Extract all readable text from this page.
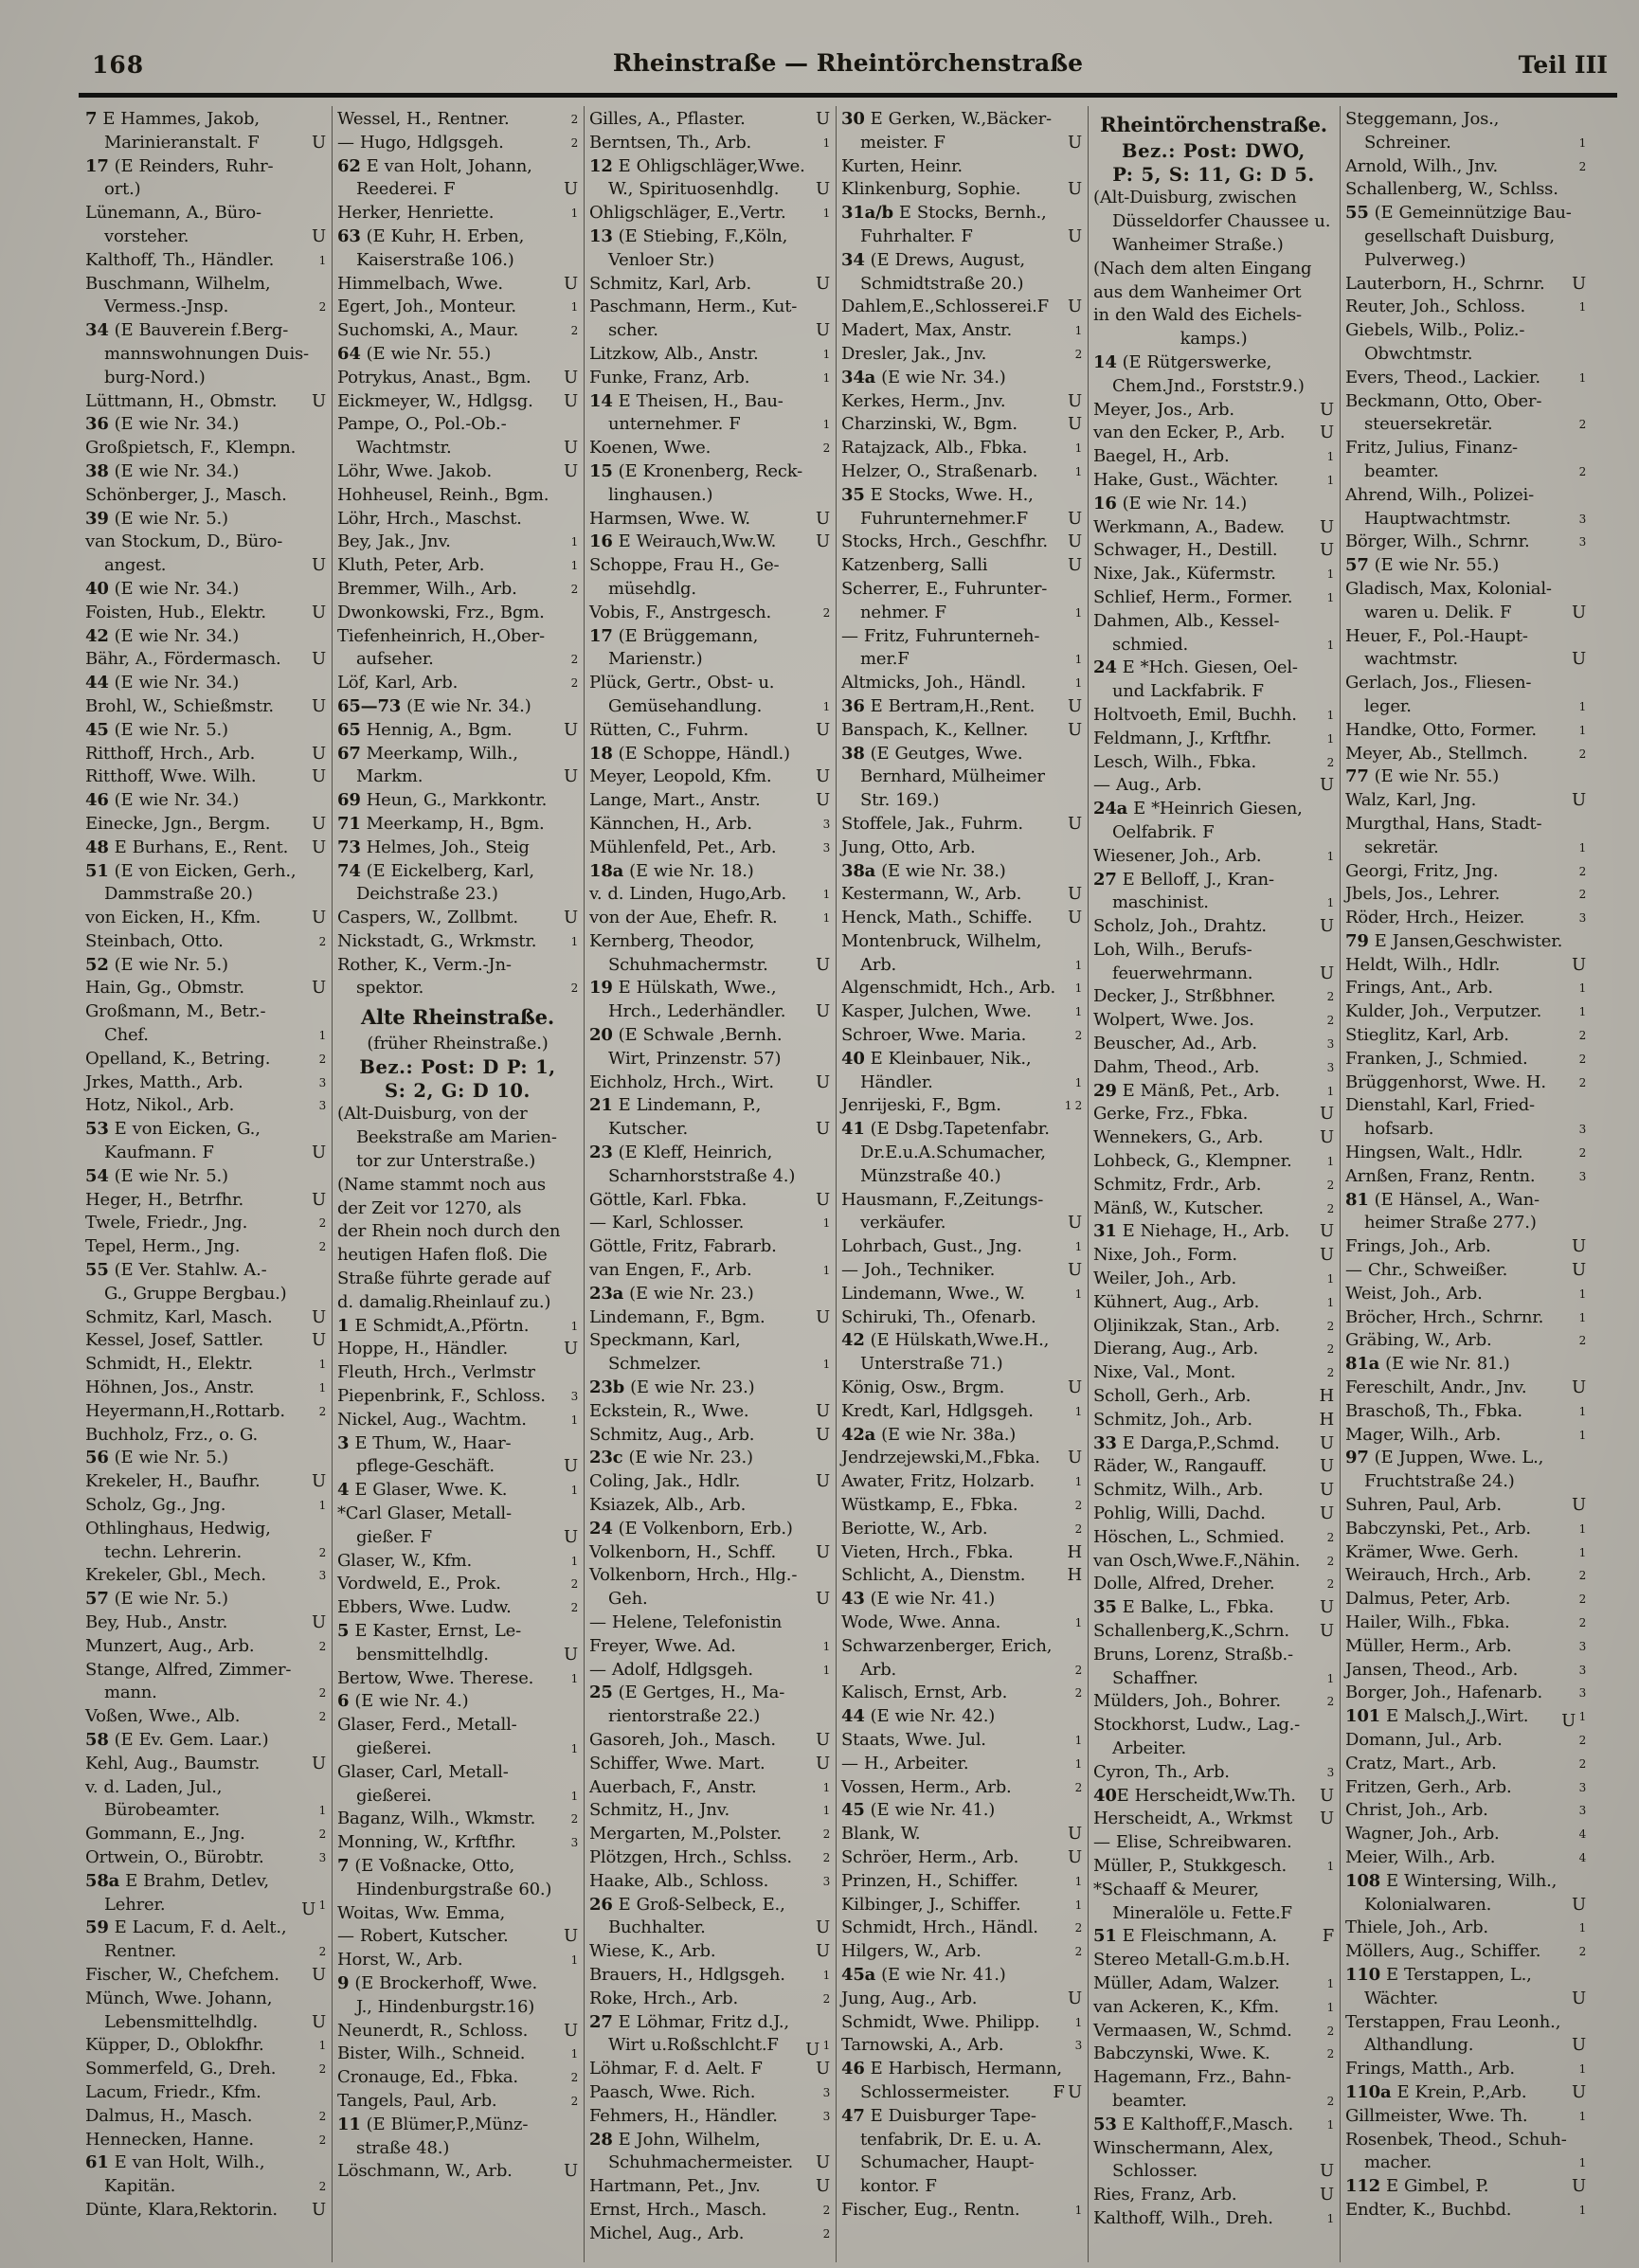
168	Rheinstraße — Rheintörchenstraße	Teil III
7 E Hammes, Jakob,
Marinieranstalt. F	U
17 (E Reinders, Ruhr-
ort.)
Lünemann, A., Büro-
vorsteher.	U
Kalthoff, Th., Händler.	$^1$
Buschmann, Wilhelm,
Vermess.-Jnsp.	$^2$
34 (E Bauverein f.Berg-
mannswohnungen Duis-
burg-Nord.)
Lüttmann, H., Obmstr. U
36 (E wie Nr. 34.)
Großpietsch, F., Klempn.
38 (E wie Nr. 34.)
Schönberger, J., Masch.
39 (E wie Nr. 5.)
van Stockum, D., Büro-
angest.	U
40 (E wie Nr. 34.)
Foisten, Hub., Elektr.	U
42 (E wie Nr. 34.)
Bähr, A., Fördermasch. U
44 (E wie Nr. 34.)
Brohl, W., Schießmstr. U
45 (E wie Nr. 5.)
Ritthoff, Hrch., Arb.	U
Ritthoff, Wwe. Wilh.	U
46 (E wie Nr. 34.)
Einecke, Jgn., Bergm. U
48 E Burhans, E., Rent. U
51 (E von Eicken, Gerh.,
Dammstraße 20.)
von Eicken, H., Kfm.	U
Steinbach, Otto.	$^2$
52 (E wie Nr. 5.)
Hain, Gg., Obmstr.	U
Großmann, M., Betr.-
Chef.	$^1$
Opelland, K., Betring.	$^2$
Jrkes, Matth., Arb.	$^3$
Hotz, Nikol., Arb.	$^3$
53 E von Eicken, G.,
Kaufmann. F	U
54 (E wie Nr. 5.)
Heger, H., Betrfhr.	U
Twele, Friedr., Jng.	$^2$
Tepel, Herm., Jng.	$^2$
55 (E Ver. Stahlw. A.-
G., Gruppe Bergbau.)
Schmitz, Karl, Masch. U
Kessel, Josef, Sattler.	U
Schmidt, H., Elektr.	$^1$
Höhnen, Jos., Anstr.	$^1$
Heyermann,H.,Rottarb.	$^2$
Buchholz, Frz., o. G.
56 (E wie Nr. 5.)
Krekeler, H., Baufhr.	U
Scholz, Gg., Jng.	$^1$
Othlinghaus, Hedwig,
techn. Lehrerin.	$^2$
Krekeler, Gbl., Mech.	$^3$
57 (E wie Nr. 5.)
Bey, Hub., Anstr.	U
Munzert, Aug., Arb.	$^2$
Stange, Alfred, Zimmer-
mann.	$^2$
Voßen, Wwe., Alb.	$^2$
58 (E Ev. Gem. Laar.)
Kehl, Aug., Baumstr.	U
v. d. Laden, Jul.,
Bürobeamter.	$^1$
Gommann, E., Jng.	$^2$
Ortwein, O., Bürobtr.	$^3$
58a E Brahm, Detlev,
Lehrer.	U  $^1$
59 E Lacum, F. d. Aelt.,
Rentner.	$^2$
Fischer, W., Chefchem. U
Münch, Wwe. Johann,
Lebensmittelhdlg.	U
Küpper, D., Oblokfhr.	$^1$
Sommerfeld, G., Dreh.	$^2$
Lacum, Friedr., Kfm.
Dalmus, H., Masch.	$^2$
Hennecken, Hanne.	$^2$
61 E van Holt, Wilh.,
Kapitän.	$^2$
Dünte, Klara,Rektorin. U
Wessel, H., Rentner.	$^2$
— Hugo, Hdlgsgeh.	$^2$
62 E van Holt, Johann,
Reederei. F	U
Herker, Henriette.	$^1$
63 (E Kuhr, H. Erben,
Kaiserstraße 106.)
Himmelbach, Wwe.	U
Egert, Joh., Monteur.	$^1$
Suchomski, A., Maur.	$^2$
64 (E wie Nr. 55.)
Potrykus, Anast., Bgm. U
Eickmeyer, W., Hdlgsg. U
Pampe, O., Pol.-Ob.-
Wachtmstr.	U
Löhr, Wwe. Jakob.	U
Hohheusel, Reinh., Bgm.
Löhr, Hrch., Maschst.
Bey, Jak., Jnv.	$^1$
Kluth, Peter, Arb.	$^1$
Bremmer, Wilh., Arb.	$^2$
Dwonkowski, Frz., Bgm.
Tiefenheinrich, H.,Ober-
aufseher.	$^2$
Löf, Karl, Arb.	$^2$
65—73 (E wie Nr. 34.)
65 Hennig, A., Bgm.	U
67 Meerkamp, Wilh.,
Markm.	U
69 Heun, G., Markkontr.
71 Meerkamp, H., Bgm.
73 Helmes, Joh., Steig
74 (E Eickelberg, Karl,
Deichstraße 23.)
Caspers, W., Zollbmt.	U
Nickstadt, G., Wrkmstr.	$^1$
Rother, K., Verm.-Jn-
spektor.	$^2$
Alte Rheinstraße.
(früher Rheinstraße.)
Bez.: Post: D P: 1,
S: 2, G: D 10.
(Alt-Duisburg, von der
Beekstraße am Marien-
tor zur Unterstraße.)
(Name stammt noch aus
der Zeit vor 1270, als
der Rhein noch durch den
heutigen Hafen floß. Die
Straße führte gerade auf
d. damalig.Rheinlauf zu.)
1 E Schmidt,A.,Pförtn.	$^1$
Hoppe, H., Händler.	U
Fleuth, Hrch., Verlmstr
Piepenbrink, F., Schloss. $^3$
Nickel, Aug., Wachtm.	$^1$
3 E Thum, W., Haar-
pflege-Geschäft.	U
4 E Glaser, Wwe. K.	$^1$
*Carl Glaser, Metall-
gießer. F	U
Glaser, W., Kfm.	$^1$
Vordweld, E., Prok.	$^2$
Ebbers, Wwe. Ludw.	$^2$
5 E Kaster, Ernst, Le-
bensmittelhdlg.	U
Bertow, Wwe. Therese.	$^1$
6 (E wie Nr. 4.)
Glaser, Ferd., Metall-
gießerei.	$^1$
Glaser, Carl, Metall-
gießerei.	$^1$
Baganz, Wilh., Wkmstr.	$^2$
Monning, W., Krftfhr.	$^3$
7 (E Voßnacke, Otto,
Hindenburgstraße 60.)
Woitas, Ww. Emma,
— Robert, Kutscher.	U
Horst, W., Arb.	$^1$
9 (E Brockerhoff, Wwe.
J., Hindenburgstr.16)
Neunerdt, R., Schloss. U
Bister, Wilh., Schneid.	$^1$
Cronauge, Ed., Fbka.	$^2$
Tangels, Paul, Arb.	$^2$
11 (E Blümer,P.,Münz-
straße 48.)
Löschmann, W., Arb.	U
Gilles, A., Pflaster.	U
Berntsen, Th., Arb.	$^1$
12 E Ohligschläger,Wwe.
W., Spirituosenhdlg. U
Ohligschläger, E.,Vertr.	$^1$
13 (E Stiebing, F.,Köln,
Venloer Str.)
Schmitz, Karl, Arb.	U
Paschmann, Herm., Kut-
scher.	U
Litzkow, Alb., Anstr.	$^1$
Funke, Franz, Arb.	$^1$
14 E Theisen, H., Bau-
unternehmer. F	$^1$
Koenen, Wwe.	$^2$
15 (E Kronenberg, Reck-
linghausen.)
Harmsen, Wwe. W.	U
16 E Weirauch,Ww.W. U
Schoppe, Frau H., Ge-
müsehdlg.
Vobis, F., Anstrgesch.	$^2$
17 (E Brüggemann,
Marienstr.)
Plück, Gertr., Obst- u.
Gemüsehandlung.	$^1$
Rütten, C., Fuhrm.	U
18 (E Schoppe, Händl.)
Meyer, Leopold, Kfm.	U
Lange, Mart., Anstr.	U
Kännchen, H., Arb.	$^3$
Mühlenfeld, Pet., Arb.	$^3$
18a (E wie Nr. 18.)
v. d. Linden, Hugo,Arb.	$^1$
von der Aue, Ehefr. R.	$^1$
Kernberg, Theodor,
Schuhmachermstr.	U
19 E Hülskath, Wwe.,
Hrch., Lederhändler. U
20 (E Schwale ,Bernh.
Wirt, Prinzenstr. 57)
Eichholz, Hrch., Wirt. U
21 E Lindemann, P.,
Kutscher.	U
23 (E Kleff, Heinrich,
Scharnhorststraße 4.)
Göttle, Karl. Fbka.	U
— Karl, Schlosser.	$^1$
Göttle, Fritz, Fabrarb.
van Engen, F., Arb.	$^1$
23a (E wie Nr. 23.)
Lindemann, F., Bgm.	U
Speckmann, Karl,
Schmelzer.	$^1$
23b (E wie Nr. 23.)
Eckstein, R., Wwe.	U
Schmitz, Aug., Arb.	U
23c (E wie Nr. 23.)
Coling, Jak., Hdlr.	U
Ksiazek, Alb., Arb.
24 (E Volkenborn, Erb.)
Volkenborn, H., Schff. U
Volkenborn, Hrch., Hlg.-
Geh.	U
— Helene, Telefonistin
Freyer, Wwe. Ad.	$^1$
— Adolf, Hdlgsgeh.	$^1$
25 (E Gertges, H., Ma-
rientorstraße 22.)
Gasoreh, Joh., Masch. U
Schiffer, Wwe. Mart.	U
Auerbach, F., Anstr.	$^1$
Schmitz, H., Jnv.	$^1$
Mergarten, M.,Polster.	$^2$
Plötzgen, Hrch., Schlss.	$^2$
Haake, Alb., Schloss.	$^3$
26 E Groß-Selbeck, E.,
Buchhalter.	U
Wiese, K., Arb.	U
Brauers, H., Hdlgsgeh.	$^1$
Roke, Hrch., Arb.	$^2$
27 E Löhmar, Fritz d.J.,
Wirt u.Roßschlcht.F U  $^1$
Löhmar, F. d. Aelt. F	U
Paasch, Wwe. Rich.	$^3$
Fehmers, H., Händler.	$^3$
28 E John, Wilhelm,
Schuhmachermeister. U
Hartmann, Pet., Jnv.	U
Ernst, Hrch., Masch.	$^2$
Michel, Aug., Arb.	$^2$
30 E Gerken, W.,Bäcker-
meister. F	U
Kurten, Heinr.
Klinkenburg, Sophie.	U
31a/b E Stocks, Bernh.,
Fuhrhalter. F	U
34 (E Drews, August,
Schmidtstraße 20.)
Dahlem,E.,Schlosserei.F U
Madert, Max, Anstr.	$^1$
Dresler, Jak., Jnv.	$^2$
34a (E wie Nr. 34.)
Kerkes, Herm., Jnv.	U
Charzinski, W., Bgm.	U
Ratajzack, Alb., Fbka.	$^1$
Helzer, O., Straßenarb.	$^1$
35 E Stocks, Wwe. H.,
Fuhrunternehmer.F U
Stocks, Hrch., Geschfhr. U
Katzenberg, Salli	U
Scherrer, E., Fuhrunter-
nehmer. F	$^1$
— Fritz, Fuhrunterneh-
mer.F	$^1$
Altmicks, Joh., Händl.	$^1$
36 E Bertram,H.,Rent. U
Banspach, K., Kellner. U
38 (E Geutges, Wwe.
Bernhard, Mülheimer
Str. 169.)
Stoffele, Jak., Fuhrm.	U
Jung, Otto, Arb.
38a (E wie Nr. 38.)
Kestermann, W., Arb.	U
Henck, Math., Schiffe. U
Montenbruck, Wilhelm,
Arb.	$^1$
Algenschmidt, Hch., Arb. $^1$
Kasper, Julchen, Wwe.	$^1$
Schroer, Wwe. Maria.	$^2$
40 E Kleinbauer, Nik.,
Händler.	$^1$
Jenrijeski, F., Bgm.	$^1$  $^2$
41 (E Dsbg.Tapetenfabr.
Dr.E.u.A.Schumacher,
Münzstraße 40.)
Hausmann, F.,Zeitungs-
verkäufer.	U
Lohrbach, Gust., Jng.	$^1$
— Joh., Techniker.	U
Lindemann, Wwe., W.	$^1$
Schiruki, Th., Ofenarb.
42 (E Hülskath,Wwe.H.,
Unterstraße 71.)
König, Osw., Brgm.	U
Kredt, Karl, Hdlgsgeh.	$^1$
42a (E wie Nr. 38a.)
Jendrzejewski,M.,Fbka. U
Awater, Fritz, Holzarb.	$^1$
Wüstkamp, E., Fbka.	$^2$
Beriotte, W., Arb.	$^2$
Vieten, Hrch., Fbka.	H
Schlicht, A., Dienstm. H
43 (E wie Nr. 41.)
Wode, Wwe. Anna.	$^1$
Schwarzenberger, Erich,
Arb.	$^2$
Kalisch, Ernst, Arb.	$^2$
44 (E wie Nr. 42.)
Staats, Wwe. Jul.	$^1$
— H., Arbeiter.	$^1$
Vossen, Herm., Arb.	$^2$
45 (E wie Nr. 41.)
Blank, W.	U
Schröer, Herm., Arb.	U
Prinzen, H., Schiffer.	$^1$
Kilbinger, J., Schiffer.	$^1$
Schmidt, Hrch., Händl.	$^2$
Hilgers, W., Arb.	$^2$
45a (E wie Nr. 41.)
Jung, Aug., Arb.	U
Schmidt, Wwe. Philipp.	$^1$
Tarnowski, A., Arb.	$^3$
46 E Harbisch, Hermann,
Schlossermeister.	F  U
47 E Duisburger Tape-
tenfabrik, Dr. E. u. A.
Schumacher, Haupt-
kontor. F
Fischer, Eug., Rentn.	$^1$
Rheintörchenstraße.
Bez.: Post: DWO,
P: 5, S: 11, G: D 5.
(Alt-Duisburg, zwischen
Düsseldorfer Chaussee u.
Wanheimer Straße.)
(Nach dem alten Eingang
aus dem Wanheimer Ort
in den Wald des Eichels-
kamps.)
14 (E Rütgerswerke,
Chem.Jnd., Forststr.9.)
Meyer, Jos., Arb.	U
van den Ecker, P., Arb. U
Baegel, H., Arb.	$^1$
Hake, Gust., Wächter.	$^1$
16 (E wie Nr. 14.)
Werkmann, A., Badew. U
Schwager, H., Destill. U
Nixe, Jak., Küfermstr.	$^1$
Schlief, Herm., Former.	$^1$
Dahmen, Alb., Kessel-
schmied.	$^1$
24 E *Hch. Giesen, Oel-
und Lackfabrik. F
Holtvoeth, Emil, Buchh.	$^1$
Feldmann, J., Krftfhr.	$^1$
Lesch, Wilh., Fbka.	$^2$
— Aug., Arb.	U
24a E *Heinrich Giesen,
Oelfabrik. F
Wiesener, Joh., Arb.	$^1$
27 E Belloff, J., Kran-
maschinist.	$^1$
Scholz, Joh., Drahtz.	U
Loh, Wilh., Berufs-
feuerwehrmann.	U
Decker, J., Strßbhner.	$^2$
Wolpert, Wwe. Jos.	$^2$
Beuscher, Ad., Arb.	$^3$
Dahm, Theod., Arb.	$^3$
29 E Mänß, Pet., Arb.	$^1$
Gerke, Frz., Fbka.	U
Wennekers, G., Arb.	U
Lohbeck, G., Klempner.	$^1$
Schmitz, Frdr., Arb.	$^2$
Mänß, W., Kutscher.	$^2$
31 E Niehage, H., Arb. U
Nixe, Joh., Form.	U
Weiler, Joh., Arb.	$^1$
Kühnert, Aug., Arb.	$^1$
Oljinikzak, Stan., Arb.	$^2$
Dierang, Aug., Arb.	$^2$
Nixe, Val., Mont.	$^2$
Scholl, Gerh., Arb.	H
Schmitz, Joh., Arb.	H
33 E Darga,P.,Schmd. U
Räder, W., Rangauff.	U
Schmitz, Wilh., Arb.	U
Pohlig, Willi, Dachd.	U
Höschen, L., Schmied.	$^2$
van Osch,Wwe.F.,Nähin. $^2$
Dolle, Alfred, Dreher.	$^2$
35 E Balke, L., Fbka.	U
Schallenberg,K.,Schrn. U
Bruns, Lorenz, Straßb.-
Schaffner.	$^1$
Mülders, Joh., Bohrer.	$^2$
Stockhorst, Ludw., Lag.-
Arbeiter.
Cyron, Th., Arb.	$^3$
40E Herscheidt,Ww.Th. U
Herscheidt, A., Wrkmst U
— Elise, Schreibwaren.
Müller, P., Stukkgesch.	$^1$
*Schaaff & Meurer,
Mineralöle u. Fette.F
51 E Fleischmann, A.	F
Stereo Metall-G.m.b.H.
Müller, Adam, Walzer.	$^1$
van Ackeren, K., Kfm.	$^1$
Vermaasen, W., Schmd.	$^2$
Babczynski, Wwe. K.	$^2$
Hagemann, Frz., Bahn-
beamter.	$^2$
53 E Kalthoff,F.,Masch.	$^1$
Winschermann, Alex,
Schlosser.	U
Ries, Franz, Arb.	U
Kalthoff, Wilh., Dreh.	$^1$
Steggemann, Jos.,
Schreiner.	$^1$
Arnold, Wilh., Jnv.	$^2$
Schallenberg, W., Schlss.
55 (E Gemeinnützige Bau-
gesellschaft Duisburg,
Pulverweg.)
Lauterborn, H., Schrnr. U
Reuter, Joh., Schloss.	$^1$
Giebels, Wilb., Poliz.-
Obwchtmstr.
Evers, Theod., Lackier.	$^1$
Beckmann, Otto, Ober-
steuersekretär.	$^2$
Fritz, Julius, Finanz-
beamter.	$^2$
Ahrend, Wilh., Polizei-
Hauptwachtmstr.	$^3$
Börger, Wilh., Schrnr.	$^3$
57 (E wie Nr. 55.)
Gladisch, Max, Kolonial-
waren u. Delik. F	U
Heuer, F., Pol.-Haupt-
wachtmstr.	U
Gerlach, Jos., Fliesen-
leger.	$^1$
Handke, Otto, Former.	$^1$
Meyer, Ab., Stellmch.	$^2$
77 (E wie Nr. 55.)
Walz, Karl, Jng.	U
Murgthal, Hans, Stadt-
sekretär.	$^1$
Georgi, Fritz, Jng.	$^2$
Jbels, Jos., Lehrer.	$^2$
Röder, Hrch., Heizer.	$^3$
79 E Jansen,Geschwister.
Heldt, Wilh., Hdlr.	U
Frings, Ant., Arb.	$^1$
Kulder, Joh., Verputzer.	$^1$
Stieglitz, Karl, Arb.	$^2$
Franken, J., Schmied.	$^2$
Brüggenhorst, Wwe. H.	$^2$
Dienstahl, Karl, Fried-
hofsarb.	$^3$
Hingsen, Walt., Hdlr.	$^2$
Arnßen, Franz, Rentn.	$^3$
81 (E Hänsel, A., Wan-
heimer Straße 277.)
Frings, Joh., Arb.	U
— Chr., Schweißer.	U
Weist, Joh., Arb.	$^1$
Bröcher, Hrch., Schrnr.	$^1$
Gräbing, W., Arb.	$^2$
81a (E wie Nr. 81.)
Fereschilt, Andr., Jnv.	U
Braschoß, Th., Fbka.	$^1$
Mager, Wilh., Arb.	$^1$
97 (E Juppen, Wwe. L.,
Fruchtstraße 24.)
Suhren, Paul, Arb.	U
Babczynski, Pet., Arb.	$^1$
Krämer, Wwe. Gerh.	$^1$
Weirauch, Hrch., Arb.	$^2$
Dalmus, Peter, Arb.	$^2$
Hailer, Wilh., Fbka.	$^2$
Müller, Herm., Arb.	$^3$
Jansen, Theod., Arb.	$^3$
Borger, Joh., Hafenarb.	$^3$
101 E Malsch,J.,Wirt. U  $^1$
Domann, Jul., Arb.	$^2$
Cratz, Mart., Arb.	$^2$
Fritzen, Gerh., Arb.	$^3$
Christ, Joh., Arb.	$^3$
Wagner, Joh., Arb.	$^4$
Meier, Wilh., Arb.	$^4$
108 E Wintersing, Wilh.,
Kolonialwaren.	U
Thiele, Joh., Arb.	$^1$
Möllers, Aug., Schiffer.	$^2$
110 E Terstappen, L.,
Wächter.	U
Terstappen, Frau Leonh.,
Althandlung.	U
Frings, Matth., Arb.	$^1$
110a E Krein, P.,Arb.	U
Gillmeister, Wwe. Th.	$^1$
Rosenbek, Theod., Schuh-
macher.	$^1$
112 E Gimbel, P.	U
Endter, K., Buchbd.	$^1$
